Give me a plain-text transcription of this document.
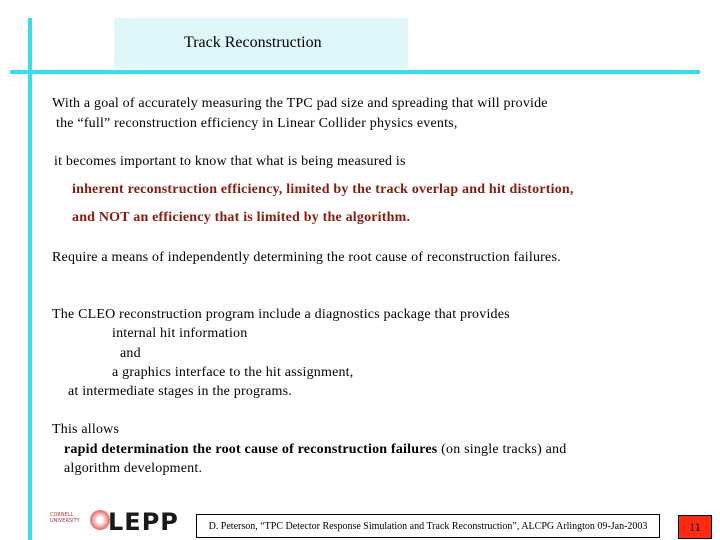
Track Reconstruction
With a goal of accurately measuring the TPC pad size and spreading that will provide
the “full” reconstruction efficiency in Linear Collider physics events,
it becomes important to know that what is being measured is
inherent reconstruction efficiency, limited by the track overlap and hit distortion,
and NOT an efficiency that is limited by the algorithm.
Require a means of independently determining the root cause of reconstruction failures.
The CLEO reconstruction program include a diagnostics package that provides
internal hit information
and
a graphics interface to the hit assignment,
at intermediate stages in the programs.
This allows
rapid determination the root cause of reconstruction failures (on single tracks) and
algorithm development.
CORNELL UNIVERSITY	LEPP	D. Peterson, “TPC Detector Response Simulation and Track Reconstruction”, ALCPG Arlington 09-Jan-2003	11
